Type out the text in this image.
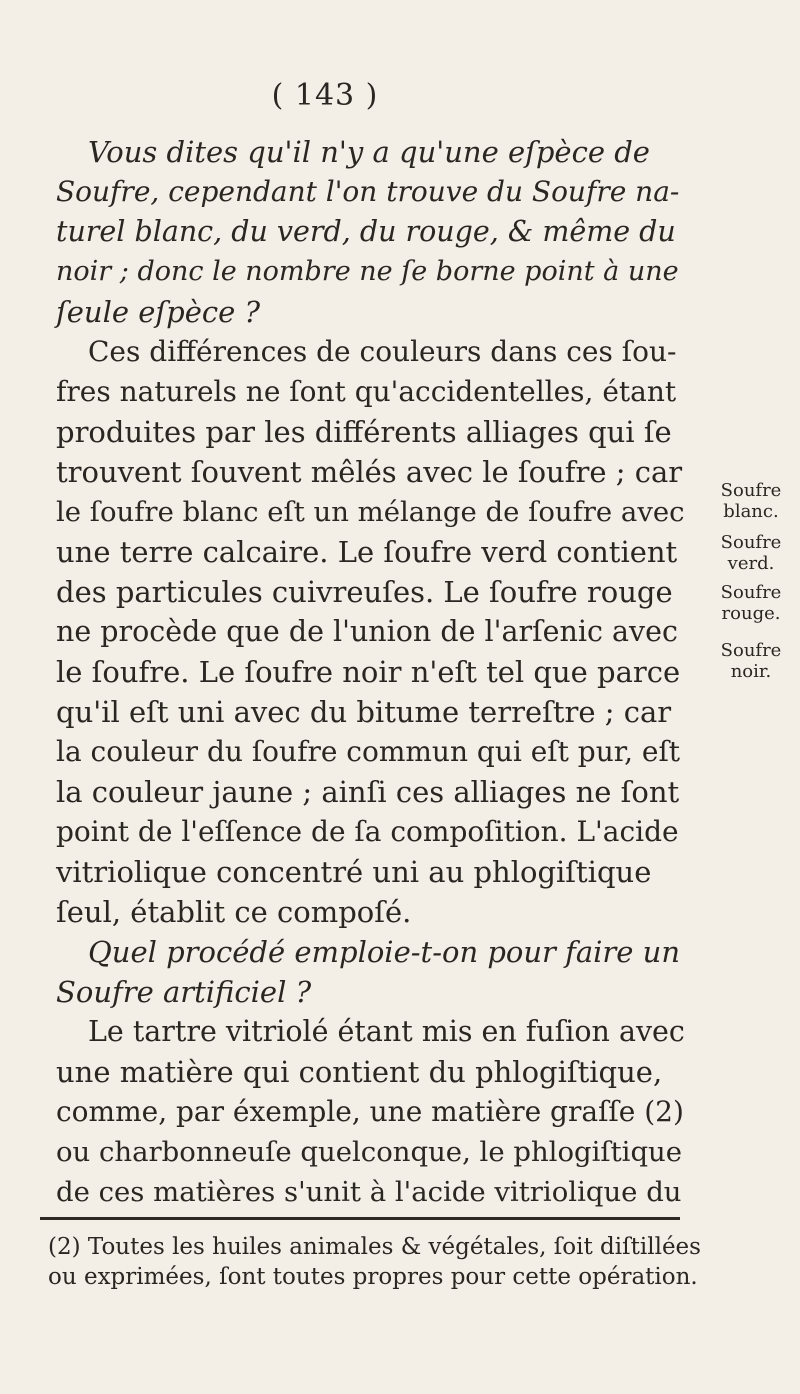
( 143 )
Vous dites qu'il n'y a qu'une eſpèce de
Soufre, cependant l'on trouve du Soufre na-
turel blanc, du verd, du rouge, & même du
noir ; donc le nombre ne ſe borne point à une
ſeule eſpèce ?
Ces différences de couleurs dans ces ſou-
fres naturels ne ſont qu'accidentelles, étant
produites par les différents alliages qui ſe
trouvent ſouvent mêlés avec le ſoufre ; car
le ſoufre blanc eſt un mélange de ſoufre avec
une terre calcaire. Le ſoufre verd contient
des particules cuivreuſes. Le ſoufre rouge
ne procède que de l'union de l'arſenic avec
le ſoufre. Le ſoufre noir n'eſt tel que parce
qu'il eſt uni avec du bitume terreſtre ; car
la couleur du ſoufre commun qui eſt pur, eſt
la couleur jaune ; ainſi ces alliages ne ſont
point de l'eſſence de ſa compoſition. L'acide
vitriolique concentré uni au phlogiſtique
ſeul, établit ce compoſé.
Quel procédé emploie-t-on pour faire un
Soufre artificiel ?
Le tartre vitriolé étant mis en fuſion avec
une matière qui contient du phlogiſtique,
comme, par éxemple, une matière graſſe (2)
ou charbonneuſe quelconque, le phlogiſtique
de ces matières s'unit à l'acide vitriolique du
Soufre blanc.
Soufre verd.
Soufre rouge.
Soufre noir.
(2) Toutes les huiles animales & végétales, ſoit diſtillées
ou exprimées, ſont toutes propres pour cette opération.
